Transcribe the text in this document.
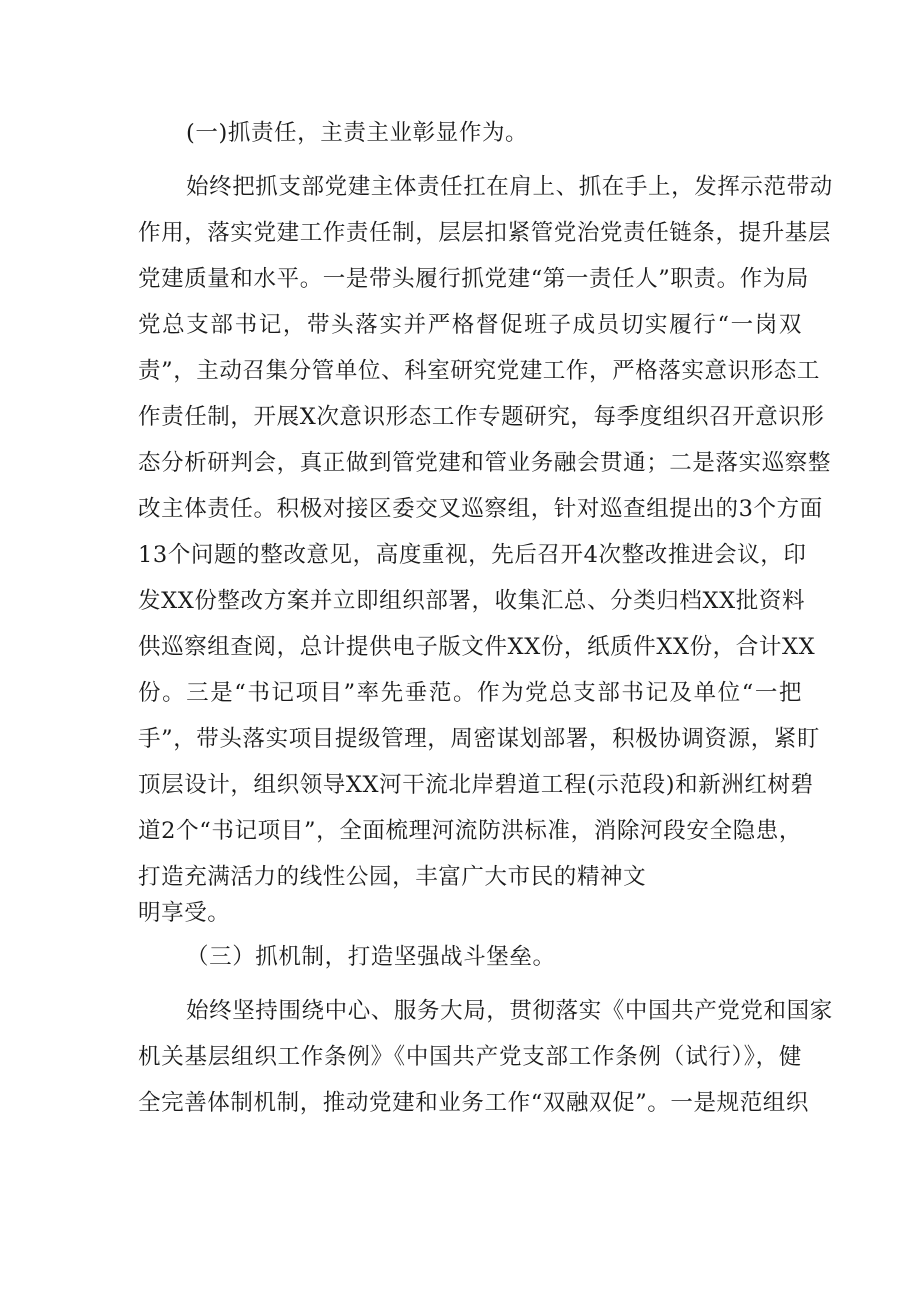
(一)抓责任，主责主业彰显作为。
始终把抓支部党建主体责任扛在肩上、抓在手上，发挥示范带动
作用，落实党建工作责任制，层层扣紧管党治党责任链条，提升基层
党建质量和水平。一是带头履行抓党建“第一责任人”职责。作为局
党总支部书记，带头落实并严格督促班子成员切实履行“一岗双
责”，主动召集分管单位、科室研究党建工作，严格落实意识形态工
作责任制，开展X次意识形态工作专题研究，每季度组织召开意识形
态分析研判会，真正做到管党建和管业务融会贯通；二是落实巡察整
改主体责任。积极对接区委交叉巡察组，针对巡查组提出的3个方面
13个问题的整改意见，高度重视，先后召开4次整改推进会议，印
发XX份整改方案并立即组织部署，收集汇总、分类归档XX批资料
供巡察组查阅，总计提供电子版文件XX份，纸质件XX份，合计XX
份。三是“书记项目”率先垂范。作为党总支部书记及单位“一把
手”，带头落实项目提级管理，周密谋划部署，积极协调资源，紧盯
顶层设计，组织领导XX河干流北岸碧道工程(示范段)和新洲红树碧
道2个“书记项目”，全面梳理河流防洪标准，消除河段安全隐患，
打造充满活力的线性公园，丰富广大市民的精神文
明享受。
（三）抓机制，打造坚强战斗堡垒。
始终坚持围绕中心、服务大局，贯彻落实《中国共产党党和国家
机关基层组织工作条例》《中国共产党支部工作条例（试行）》，健
全完善体制机制，推动党建和业务工作“双融双促”。一是规范组织
